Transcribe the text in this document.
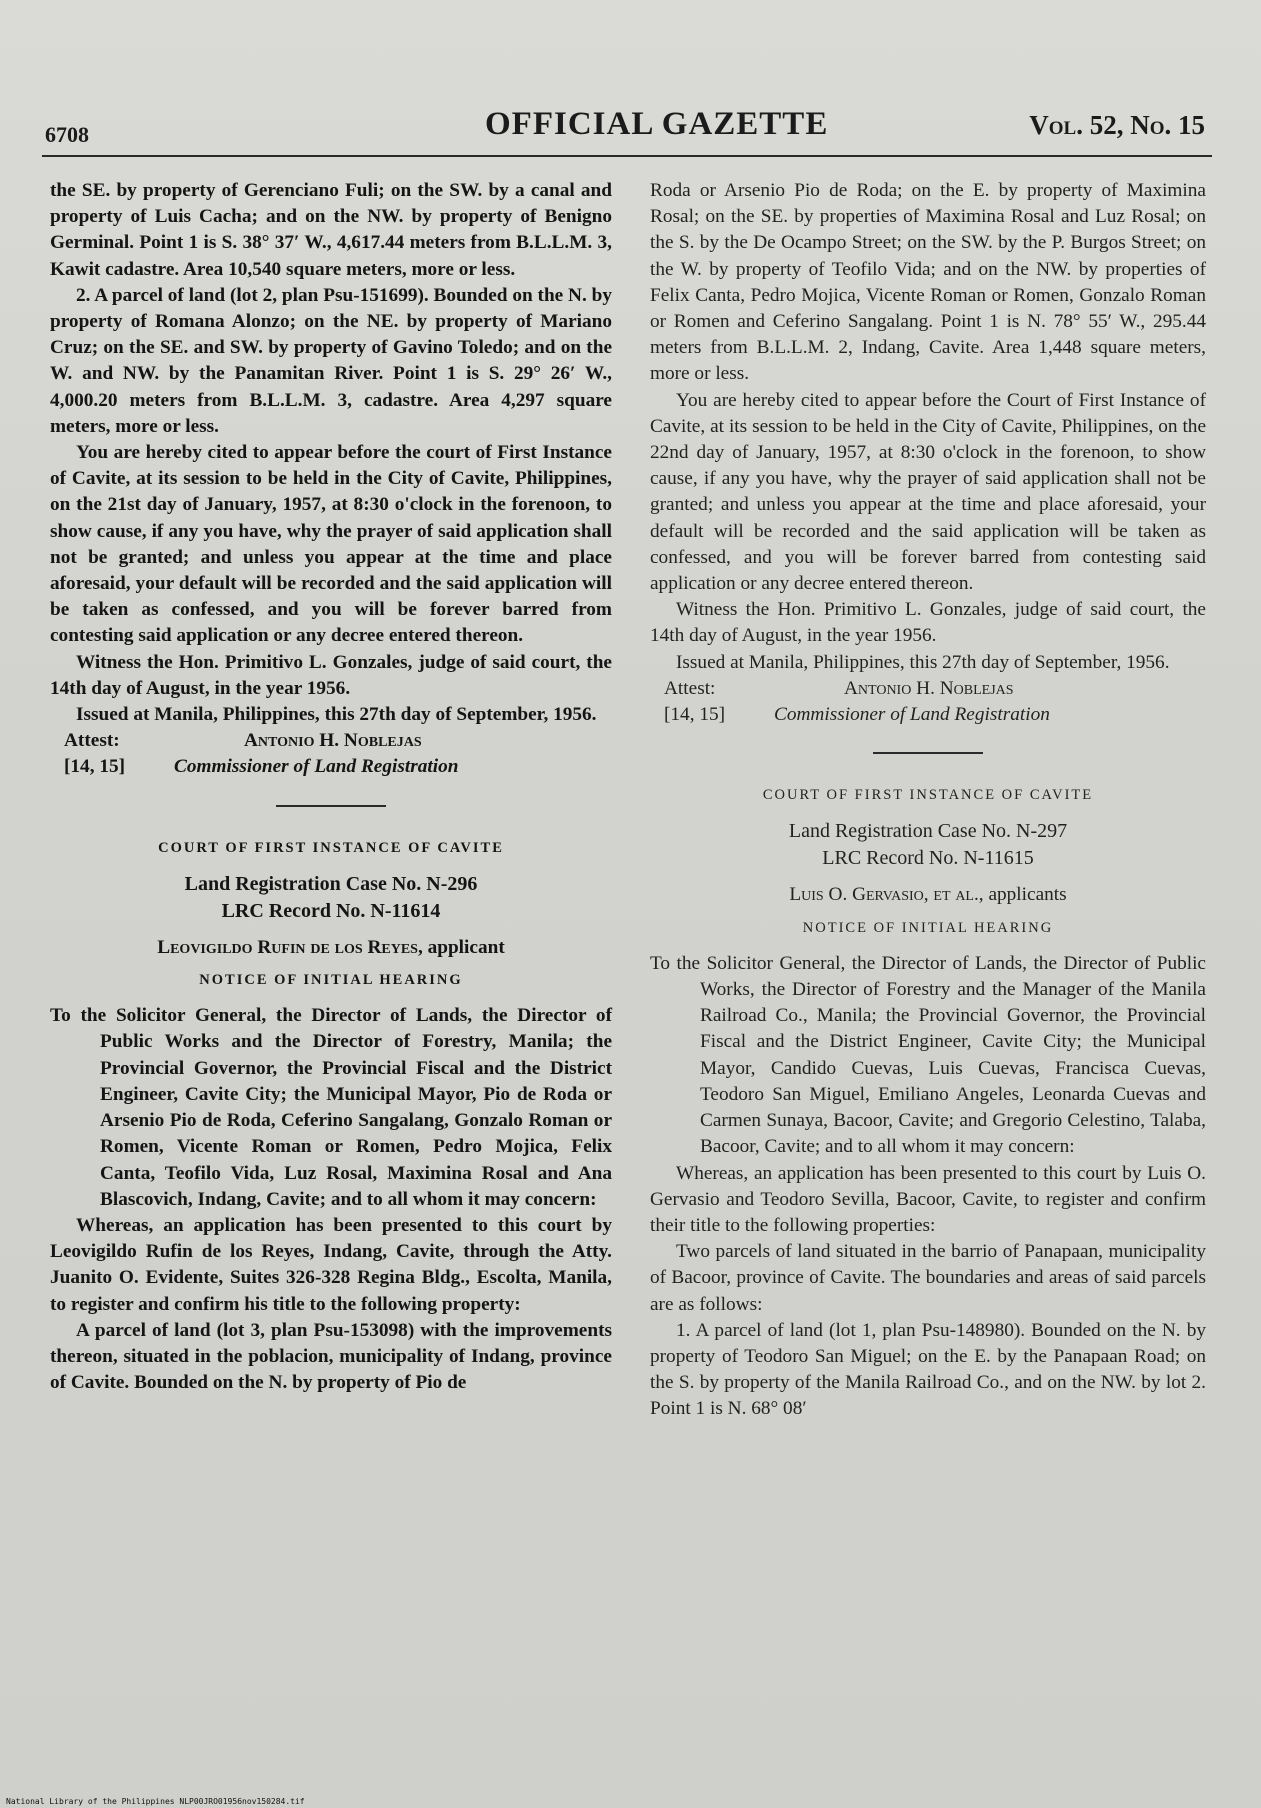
6708	OFFICIAL GAZETTE	Vol. 52, No. 15

the SE. by property of Gerenciano Fuli; on the SW. by a canal and property of Luis Cacha; and on the NW. by property of Benigno Germinal. Point 1 is S. 38° 37′ W., 4,617.44 meters from B.L.L.M. 3, Kawit cadastre. Area 10,540 square meters, more or less.

2. A parcel of land (lot 2, plan Psu-151699). Bounded on the N. by property of Romana Alonzo; on the NE. by property of Mariano Cruz; on the SE. and SW. by property of Gavino Toledo; and on the W. and NW. by the Panamitan River. Point 1 is S. 29° 26′ W., 4,000.20 meters from B.L.L.M. 3, cadastre. Area 4,297 square meters, more or less.

You are hereby cited to appear before the court of First Instance of Cavite, at its session to be held in the City of Cavite, Philippines, on the 21st day of January, 1957, at 8:30 o'clock in the forenoon, to show cause, if any you have, why the prayer of said application shall not be granted; and unless you appear at the time and place aforesaid, your default will be recorded and the said application will be taken as confessed, and you will be forever barred from contesting said application or any decree entered thereon.

Witness the Hon. Primitivo L. Gonzales, judge of said court, the 14th day of August, in the year 1956.

Issued at Manila, Philippines, this 27th day of September, 1956.

Attest:	Antonio H. Noblejas
[14, 15]	Commissioner of Land Registration
COURT OF FIRST INSTANCE OF CAVITE
Land Registration Case No. N-296
LRC Record No. N-11614
Leovigildo Rufin de los Reyes, applicant
NOTICE OF INITIAL HEARING

To the Solicitor General, the Director of Lands, the Director of Public Works and the Director of Forestry, Manila; the Provincial Governor, the Provincial Fiscal and the District Engineer, Cavite City; the Municipal Mayor, Pio de Roda or Arsenio Pio de Roda, Ceferino Sangalang, Gonzalo Roman or Romen, Vicente Roman or Romen, Pedro Mojica, Felix Canta, Teofilo Vida, Luz Rosal, Maximina Rosal and Ana Blascovich, Indang, Cavite; and to all whom it may concern:

Whereas, an application has been presented to this court by Leovigildo Rufin de los Reyes, Indang, Cavite, through the Atty. Juanito O. Evidente, Suites 326-328 Regina Bldg., Escolta, Manila, to register and confirm his title to the following property:

A parcel of land (lot 3, plan Psu-153098) with the improvements thereon, situated in the poblacion, municipality of Indang, province of Cavite. Bounded on the N. by property of Pio de

Roda or Arsenio Pio de Roda; on the E. by property of Maximina Rosal; on the SE. by properties of Maximina Rosal and Luz Rosal; on the S. by the De Ocampo Street; on the SW. by the P. Burgos Street; on the W. by property of Teofilo Vida; and on the NW. by properties of Felix Canta, Pedro Mojica, Vicente Roman or Romen, Gonzalo Roman or Romen and Ceferino Sangalang. Point 1 is N. 78° 55′ W., 295.44 meters from B.L.L.M. 2, Indang, Cavite. Area 1,448 square meters, more or less.

You are hereby cited to appear before the Court of First Instance of Cavite, at its session to be held in the City of Cavite, Philippines, on the 22nd day of January, 1957, at 8:30 o'clock in the forenoon, to show cause, if any you have, why the prayer of said application shall not be granted; and unless you appear at the time and place aforesaid, your default will be recorded and the said application will be taken as confessed, and you will be forever barred from contesting said application or any decree entered thereon.

Witness the Hon. Primitivo L. Gonzales, judge of said court, the 14th day of August, in the year 1956.

Issued at Manila, Philippines, this 27th day of September, 1956.

Attest:	Antonio H. Noblejas
[14, 15]	Commissioner of Land Registration
COURT OF FIRST INSTANCE OF CAVITE
Land Registration Case No. N-297
LRC Record No. N-11615
Luis O. Gervasio, et al., applicants
NOTICE OF INITIAL HEARING

To the Solicitor General, the Director of Lands, the Director of Public Works, the Director of Forestry and the Manager of the Manila Railroad Co., Manila; the Provincial Governor, the Provincial Fiscal and the District Engineer, Cavite City; the Municipal Mayor, Candido Cuevas, Luis Cuevas, Francisca Cuevas, Teodoro San Miguel, Emiliano Angeles, Leonarda Cuevas and Carmen Sunaya, Bacoor, Cavite; and Gregorio Celestino, Talaba, Bacoor, Cavite; and to all whom it may concern:

Whereas, an application has been presented to this court by Luis O. Gervasio and Teodoro Sevilla, Bacoor, Cavite, to register and confirm their title to the following properties:

Two parcels of land situated in the barrio of Panapaan, municipality of Bacoor, province of Cavite. The boundaries and areas of said parcels are as follows:

1. A parcel of land (lot 1, plan Psu-148980). Bounded on the N. by property of Teodoro San Miguel; on the E. by the Panapaan Road; on the S. by property of the Manila Railroad Co., and on the NW. by lot 2. Point 1 is N. 68° 08′

National Library of the Philippines NLP00JRO01956nov150284.tif
